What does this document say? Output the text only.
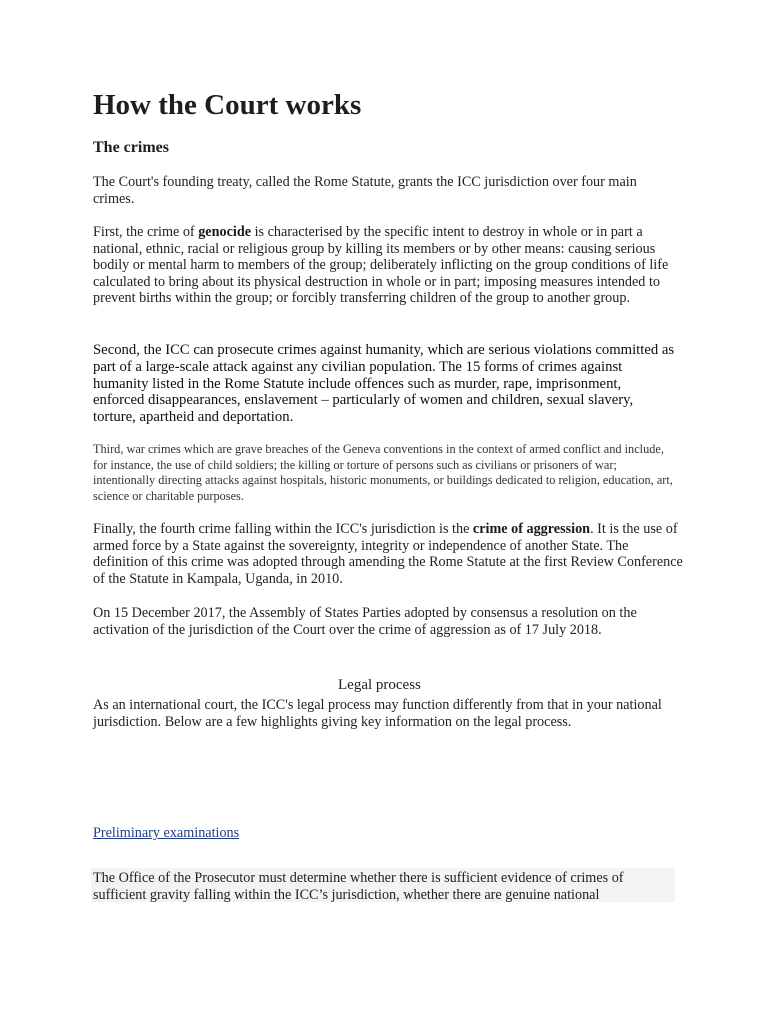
How the Court works
The crimes

The Court's founding treaty, called the Rome Statute, grants the ICC jurisdiction over four main crimes.

First, the crime of genocide is characterised by the specific intent to destroy in whole or in part a national, ethnic, racial or religious group by killing its members or by other means: causing serious bodily or mental harm to members of the group; deliberately inflicting on the group conditions of life calculated to bring about its physical destruction in whole or in part; imposing measures intended to prevent births within the group; or forcibly transferring children of the group to another group.

Second, the ICC can prosecute crimes against humanity, which are serious violations committed as part of a large-scale attack against any civilian population. The 15 forms of crimes against humanity listed in the Rome Statute include offences such as murder, rape, imprisonment, enforced disappearances, enslavement – particularly of women and children, sexual slavery, torture, apartheid and deportation.

Third, war crimes which are grave breaches of the Geneva conventions in the context of armed conflict and include, for instance, the use of child soldiers; the killing or torture of persons such as civilians or prisoners of war; intentionally directing attacks against hospitals, historic monuments, or buildings dedicated to religion, education, art, science or charitable purposes.

Finally, the fourth crime falling within the ICC's jurisdiction is the crime of aggression. It is the use of armed force by a State against the sovereignty, integrity or independence of another State. The definition of this crime was adopted through amending the Rome Statute at the first Review Conference of the Statute in Kampala, Uganda, in 2010.

On 15 December 2017, the Assembly of States Parties adopted by consensus a resolution on the activation of the jurisdiction of the Court over the crime of aggression as of 17 July 2018.

Legal process

As an international court, the ICC's legal process may function differently from that in your national jurisdiction. Below are a few highlights giving key information on the legal process.

Preliminary examinations

The Office of the Prosecutor must determine whether there is sufficient evidence of crimes of sufficient gravity falling within the ICC’s jurisdiction, whether there are genuine national
